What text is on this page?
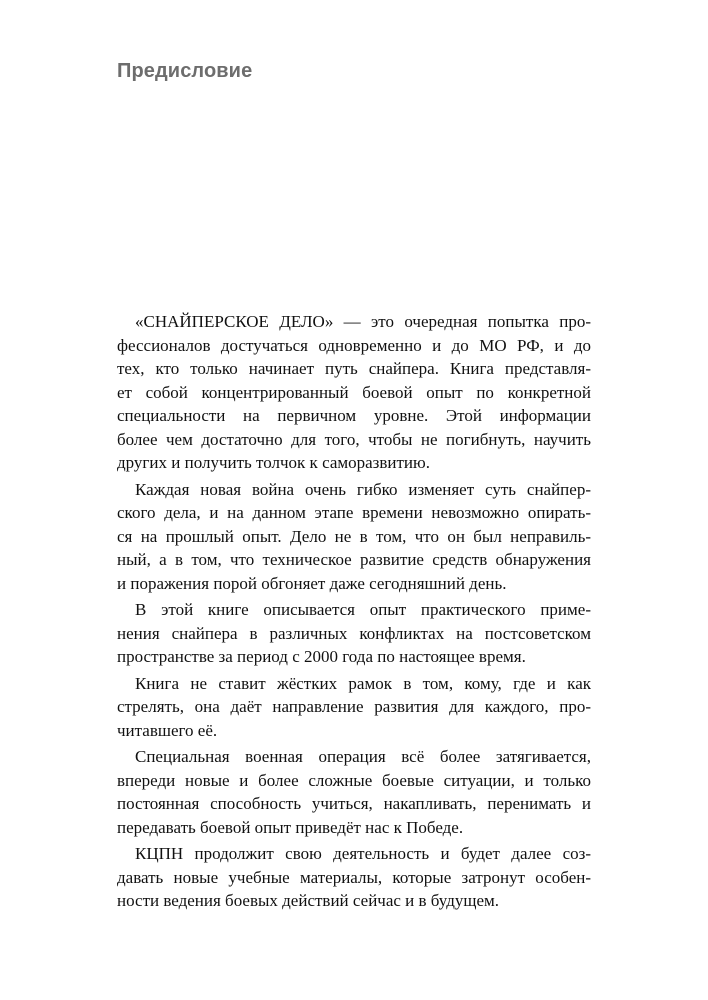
Предисловие

«СНАЙПЕРСКОЕ ДЕЛО» — это очередная попытка про-
фессионалов достучаться одновременно и до МО РФ, и до
тех, кто только начинает путь снайпера. Книга представля-
ет собой концентрированный боевой опыт по конкретной
специальности на первичном уровне. Этой информации
более чем достаточно для того, чтобы не погибнуть, научить
других и получить толчок к саморазвитию.

Каждая новая война очень гибко изменяет суть снайпер-
ского дела, и на данном этапе времени невозможно опирать-
ся на прошлый опыт. Дело не в том, что он был неправиль-
ный, а в том, что техническое развитие средств обнаружения
и поражения порой обгоняет даже сегодняшний день.

В этой книге описывается опыт практического приме-
нения снайпера в различных конфликтах на постсоветском
пространстве за период с 2000 года по настоящее время.

Книга не ставит жёстких рамок в том, кому, где и как
стрелять, она даёт направление развития для каждого, про-
читавшего её.

Специальная военная операция всё более затягивается,
впереди новые и более сложные боевые ситуации, и только
постоянная способность учиться, накапливать, перенимать и
передавать боевой опыт приведёт нас к Победе.

КЦПН продолжит свою деятельность и будет далее соз-
давать новые учебные материалы, которые затронут особен-
ности ведения боевых действий сейчас и в будущем.
